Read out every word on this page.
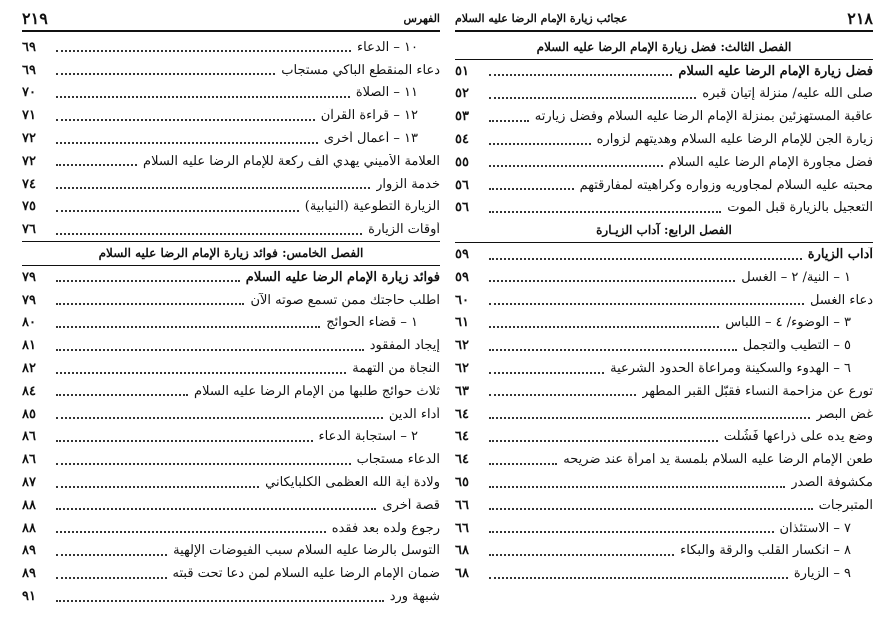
٢١٩	الفهرس
١٠ – الدعاء
٦٩
دعاء المنقطع الباكي مستجاب
٦٩
١١ – الصلاة
٧٠
١٢ – قراءة القرآن
٧١
١٣ – أعمال أخرى
٧٢
العلامة الأميني يهدي ألف ركعة للإمام الرضا عليه السلام
٧٢
خدمة الزوار
٧٤
الزيارة التطوعية (النيابية)
٧٥
أوقات الزيارة
٧٦
الفصل الخامس: فوائد زيارة الإمام الرضا عليه السلام
فوائد زيارة الإمام الرضا عليه السلام
٧٩
اطلب حاجتك ممن تسمع صوته الآن
٧٩
١ – قضاء الحوائج
٨٠
إيجاد المفقود
٨١
النجاة من التهمة
٨٢
ثلاث حوائج طلبها من الإمام الرضا عليه السلام
٨٤
أداء الدين
٨٥
٢ – استجابة الدعاء
٨٦
الدعاء مستجاب
٨٦
ولادة آية الله العظمى الكلبايكاني
٨٧
قصة أخرى
٨٨
رجوع ولده بعد فقده
٨٨
التوسل بالرضا عليه السلام سبب الفيوضات الإلهية
٨٩
ضمان الإمام الرضا عليه السلام لمن دعا تحت قبته
٨٩
شبهة ورد
٩١
عجائب زيارة الإمام الرضا عليه السلام	٢١٨
الفصل الثالث: فضل زيارة الإمام الرضا عليه السلام
فضل زيارة الإمام الرضا عليه السلام
٥١
صلى الله عليه/ منزلة إتيان قبره
٥٢
عاقبة المستهزئين بمنزلة الإمام الرضا عليه السلام وفضل زيارته
٥٣
زيارة الجن للإمام الرضا عليه السلام وهديتهم لزواره
٥٤
فضل مجاورة الإمام الرضا عليه السلام
٥٥
محبته عليه السلام لمجاوريه وزواره وكراهيته لمفارقتهم
٥٦
التعجيل بالزيارة قبل الموت
٥٦
الفصل الرابع: آداب الزيـارة
آداب الزيارة
٥٩
١ – النية/ ٢ – الغسل
٥٩
دعاء الغسل
٦٠
٣ – الوضوء/ ٤ – اللباس
٦١
٥ – التطيب والتجمل
٦٢
٦ – الهدوء والسكينة ومراعاة الحدود الشرعية
٦٢
تورع عن مزاحمة النساء فقبّل القبر المطهر
٦٣
غض البصر
٦٤
وضع يده على ذراعها فَشُلَّت
٦٤
طعن الإمام الرضا عليه السلام بلمسة يد امرأة عند ضريحه
٦٤
مكشوفة الصدر
٦٥
المتبرجات
٦٦
٧ – الاستئذان
٦٦
٨ – انكسار القلب والرقة والبكاء
٦٨
٩ – الزيارة
٦٨
